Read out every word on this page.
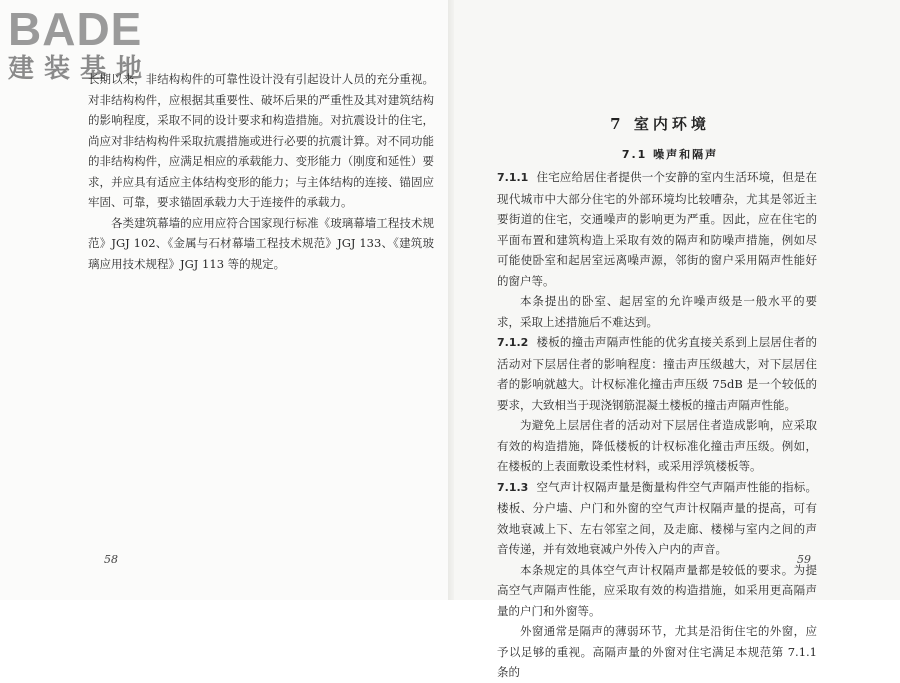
BADE
建装基地

长期以来，非结构构件的可靠性设计没有引起设计人员的充分重视。对非结构构件，应根据其重要性、破坏后果的严重性及其对建筑结构的影响程度，采取不同的设计要求和构造措施。对抗震设计的住宅，尚应对非结构构件采取抗震措施或进行必要的抗震计算。对不同功能的非结构构件，应满足相应的承载能力、变形能力（刚度和延性）要求，并应具有适应主体结构变形的能力；与主体结构的连接、锚固应牢固、可靠，要求锚固承载力大于连接件的承载力。

各类建筑幕墙的应用应符合国家现行标准《玻璃幕墙工程技术规范》JGJ 102、《金属与石材幕墙工程技术规范》JGJ 133、《建筑玻璃应用技术规程》JGJ 113 等的规定。

58
7 室内环境
7.1 噪声和隔声

7.1.1 住宅应给居住者提供一个安静的室内生活环境，但是在现代城市中大部分住宅的外部环境均比较嘈杂，尤其是邻近主要街道的住宅，交通噪声的影响更为严重。因此，应在住宅的平面布置和建筑构造上采取有效的隔声和防噪声措施，例如尽可能使卧室和起居室远离噪声源，邻街的窗户采用隔声性能好的窗户等。

本条提出的卧室、起居室的允许噪声级是一般水平的要求，采取上述措施后不难达到。

7.1.2 楼板的撞击声隔声性能的优劣直接关系到上层居住者的活动对下层居住者的影响程度：撞击声压级越大，对下层居住者的影响就越大。计权标准化撞击声压级 75dB 是一个较低的要求，大致相当于现浇钢筋混凝土楼板的撞击声隔声性能。

为避免上层居住者的活动对下层居住者造成影响，应采取有效的构造措施，降低楼板的计权标准化撞击声压级。例如，在楼板的上表面敷设柔性材料，或采用浮筑楼板等。

7.1.3 空气声计权隔声量是衡量构件空气声隔声性能的指标。楼板、分户墙、户门和外窗的空气声计权隔声量的提高，可有效地衰减上下、左右邻室之间，及走廊、楼梯与室内之间的声音传递，并有效地衰减户外传入户内的声音。

本条规定的具体空气声计权隔声量都是较低的要求。为提高空气声隔声性能，应采取有效的构造措施，如采用更高隔声量的户门和外窗等。

外窗通常是隔声的薄弱环节，尤其是沿街住宅的外窗，应予以足够的重视。高隔声量的外窗对住宅满足本规范第 7.1.1 条的

59
